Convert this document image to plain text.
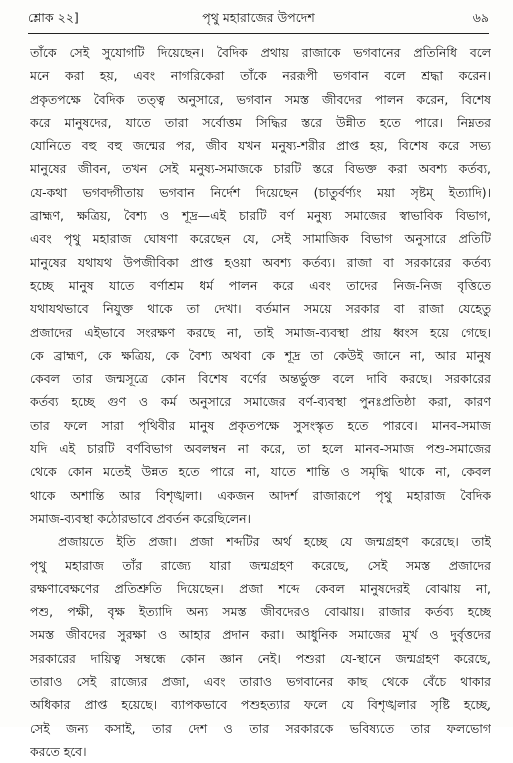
শ্লোক ২২]	পৃথু মহারাজের উপদেশ	৬৯
তাঁকে সেই সুযোগটি দিয়েছেন। বৈদিক প্রথায় রাজাকে ভগবানের প্রতিনিধি বলে
মনে করা হয়, এবং নাগরিকেরা তাঁকে নররূপী ভগবান বলে শ্রদ্ধা করেন।
প্রকৃতপক্ষে বৈদিক তত্ত্ব অনুসারে, ভগবান সমস্ত জীবদের পালন করেন, বিশেষ
করে মানুষদের, যাতে তারা সর্বোত্তম সিদ্ধির স্তরে উন্নীত হতে পারে। নিম্নতর
যোনিতে বহু বহু জন্মের পর, জীব যখন মনুষ্য-শরীর প্রাপ্ত হয়, বিশেষ করে সভ্য
মানুষের জীবন, তখন সেই মনুষ্য-সমাজকে চারটি স্তরে বিভক্ত করা অবশ্য কর্তব্য,
যে-কথা ভগবদ্গীতায় ভগবান নির্দেশ দিয়েছেন (চাতুর্বর্ণ্যং ময়া সৃষ্টম্ ইত্যাদি)।
ব্রাহ্মণ, ক্ষত্রিয়, বৈশ্য ও শূদ্র—এই চারটি বর্ণ মনুষ্য সমাজের স্বাভাবিক বিভাগ,
এবং পৃথু মহারাজ ঘোষণা করেছেন যে, সেই সামাজিক বিভাগ অনুসারে প্রতিটি
মানুষের যথাযথ উপজীবিকা প্রাপ্ত হওয়া অবশ্য কর্তব্য। রাজা বা সরকারের কর্তব্য
হচ্ছে মানুষ যাতে বর্ণাশ্রম ধর্ম পালন করে এবং তাদের নিজ-নিজ বৃত্তিতে
যথাযথভাবে নিযুক্ত থাকে তা দেখা। বর্তমান সময়ে সরকার বা রাজা যেহেতু
প্রজাদের এইভাবে সংরক্ষণ করছে না, তাই সমাজ-ব্যবস্থা প্রায় ধ্বংস হয়ে গেছে।
কে ব্রাহ্মণ, কে ক্ষত্রিয়, কে বৈশ্য অথবা কে শূদ্র তা কেউই জানে না, আর মানুষ
কেবল তার জন্মসূত্রে কোন বিশেষ বর্ণের অন্তর্ভুক্ত বলে দাবি করছে। সরকারের
কর্তব্য হচ্ছে গুণ ও কর্ম অনুসারে সমাজের বর্ণ-ব্যবস্থা পুনঃপ্রতিষ্ঠা করা, কারণ
তার ফলে সারা পৃথিবীর মানুষ প্রকৃতপক্ষে সুসংস্কৃত হতে পারবে। মানব-সমাজ
যদি এই চারটি বর্ণবিভাগ অবলম্বন না করে, তা হলে মানব-সমাজ পশু-সমাজের
থেকে কোন মতেই উন্নত হতে পারে না, যাতে শান্তি ও সমৃদ্ধি থাকে না, কেবল
থাকে অশান্তি আর বিশৃঙ্খলা। একজন আদর্শ রাজারূপে পৃথু মহারাজ বৈদিক
সমাজ-ব্যবস্থা কঠোরভাবে প্রবর্তন করেছিলেন।
প্রজায়তে ইতি প্রজা। প্রজা শব্দটির অর্থ হচ্ছে যে জন্মগ্রহণ করেছে। তাই
পৃথু মহারাজ তাঁর রাজ্যে যারা জন্মগ্রহণ করেছে, সেই সমস্ত প্রজাদের
রক্ষণাবেক্ষণের প্রতিশ্রুতি দিয়েছেন। প্রজা শব্দে কেবল মানুষদেরই বোঝায় না,
পশু, পক্ষী, বৃক্ষ ইত্যাদি অন্য সমস্ত জীবদেরও বোঝায়। রাজার কর্তব্য হচ্ছে
সমস্ত জীবদের সুরক্ষা ও আহার প্রদান করা। আধুনিক সমাজের মূর্খ ও দুর্বৃত্তদের
সরকারের দায়িত্ব সম্বন্ধে কোন জ্ঞান নেই। পশুরা যে-স্থানে জন্মগ্রহণ করেছে,
তারাও সেই রাজ্যের প্রজা, এবং তারাও ভগবানের কাছ থেকে বেঁচে থাকার
অধিকার প্রাপ্ত হয়েছে। ব্যাপকভাবে পশুহত্যার ফলে যে বিশৃঙ্খলার সৃষ্টি হচ্ছে,
সেই জন্য কসাই, তার দেশ ও তার সরকারকে ভবিষ্যতে তার ফলভোগ
করতে হবে।
